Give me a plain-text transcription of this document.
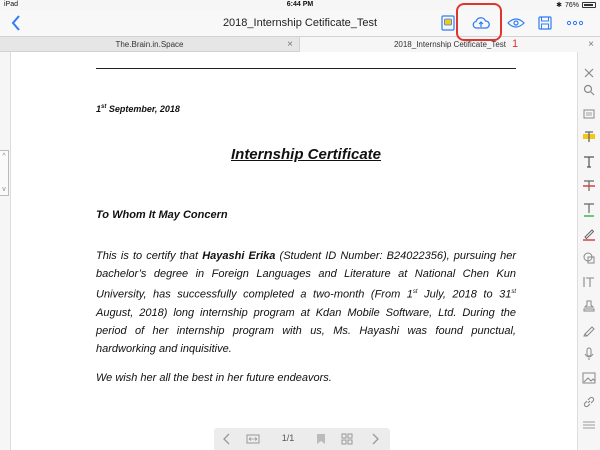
iPad	6:44 PM	✱ 76%
2018_Internship Cetificate_Test
The.Brain.in.Space	×	2018_Internship Cetificate_Test	×
1
1st September, 2018
Internship Certificate
To Whom It May Concern
This is to certify that Hayashi Erika (Student ID Number: B24022356), pursuing her bachelor’s degree in Foreign Languages and Literature at National Chen Kun University, has successfully completed a two-month (From 1st July, 2018 to 31st August, 2018) long internship program at Kdan Mobile Software, Ltd. During the period of her internship program with us, Ms. Hayashi was found punctual, hardworking and inquisitive.
We wish her all the best in her future endeavors.
^
v
1/1
